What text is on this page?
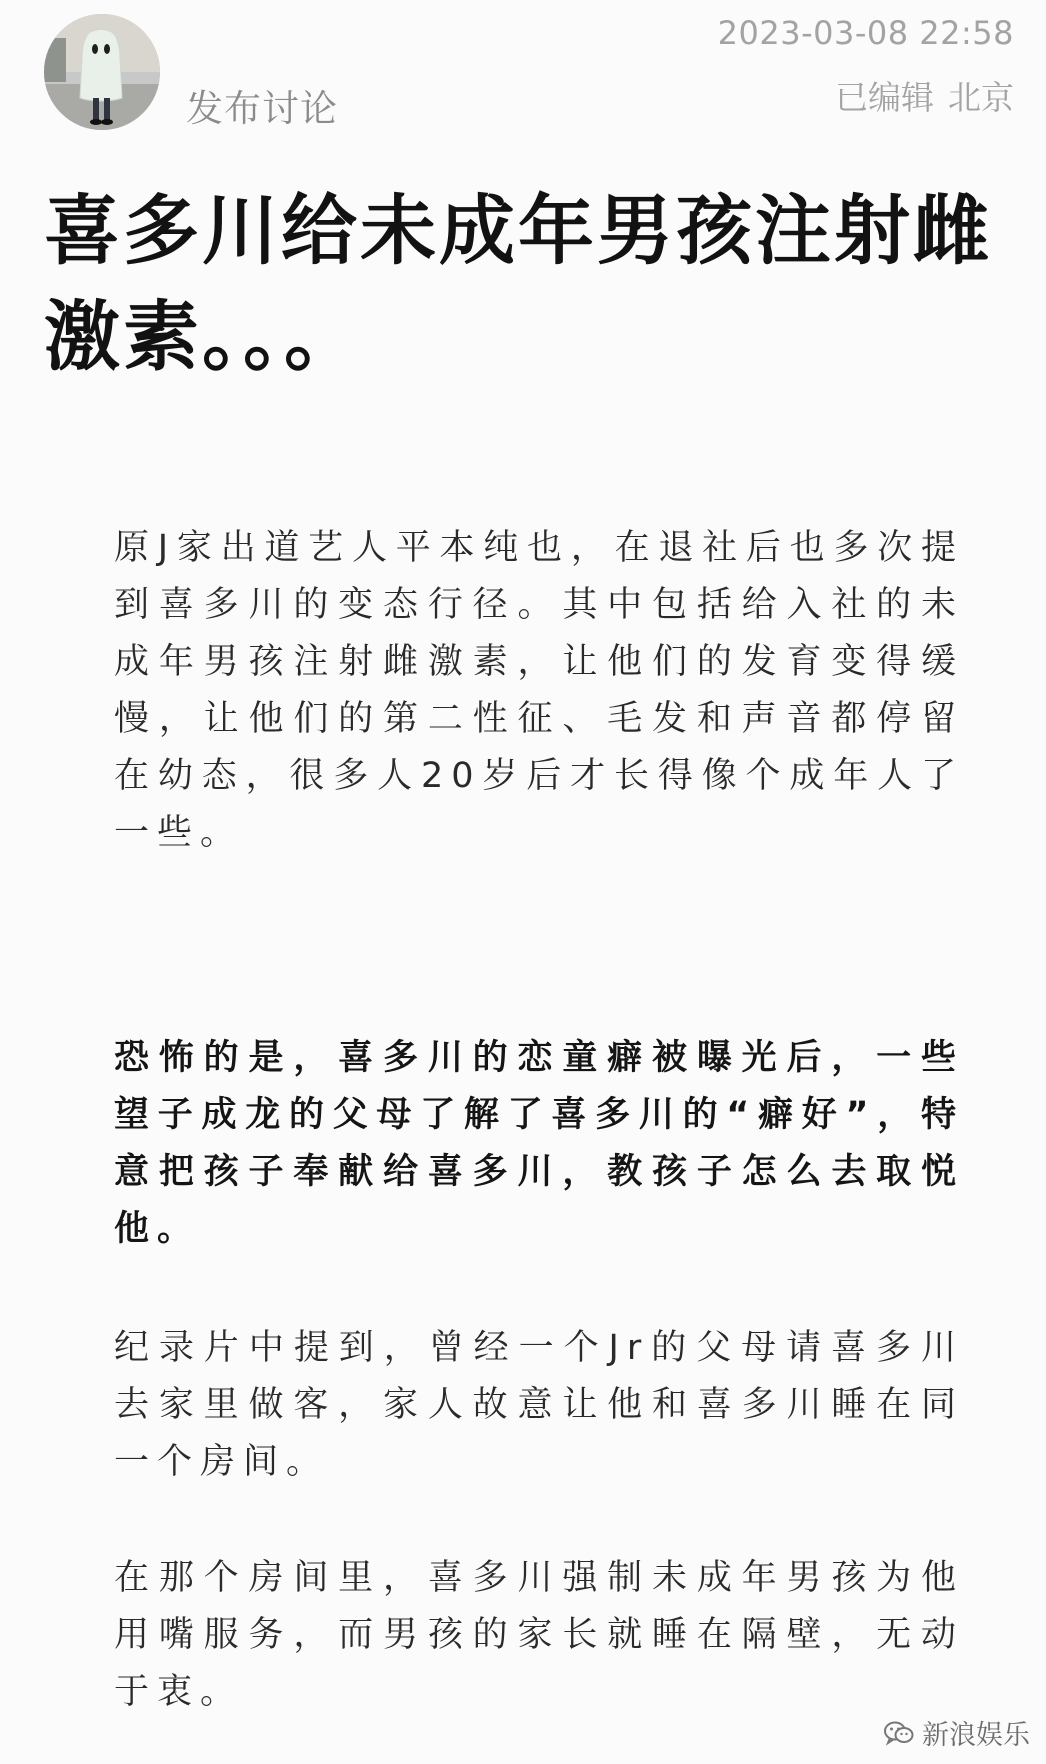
发布讨论
2023-03-08 22:58
已编辑 北京
喜多川给未成年男孩注射雌激素。。。

原J家出道艺人平本纯也，在退社后也多次提到喜多川的变态行径。其中包括给入社的未成年男孩注射雌激素，让他们的发育变得缓慢，让他们的第二性征、毛发和声音都停留在幼态，很多人20岁后才长得像个成年人了一些。

恐怖的是，喜多川的恋童癖被曝光后，一些望子成龙的父母了解了喜多川的“癖好”，特意把孩子奉献给喜多川，教孩子怎么去取悦他。

纪录片中提到，曾经一个Jr的父母请喜多川去家里做客，家人故意让他和喜多川睡在同一个房间。

在那个房间里，喜多川强制未成年男孩为他用嘴服务，而男孩的家长就睡在隔壁，无动于衷。

新浪娱乐
